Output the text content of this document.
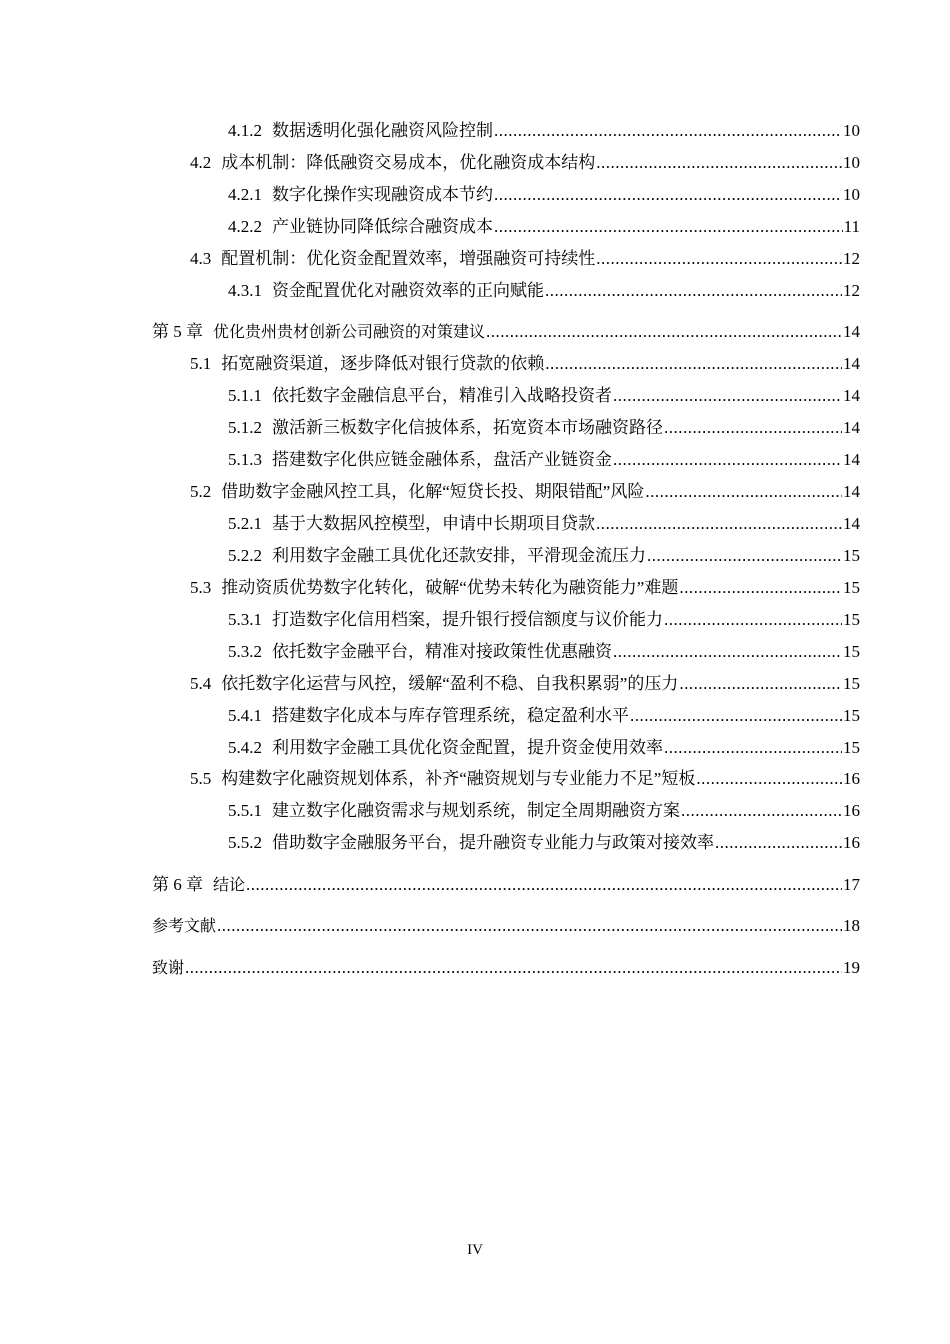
4.1.2 数据透明化强化融资风险控制 .....	10
4.2 成本机制：降低融资交易成本，优化融资成本结构 .....	10
4.2.1 数字化操作实现融资成本节约 .....	10
4.2.2 产业链协同降低综合融资成本 .....	11
4.3 配置机制：优化资金配置效率，增强融资可持续性 .....	12
4.3.1 资金配置优化对融资效率的正向赋能 .....	12
第 5 章 优化贵州贵材创新公司融资的对策建议 .....	14
5.1 拓宽融资渠道，逐步降低对银行贷款的依赖 .....	14
5.1.1 依托数字金融信息平台，精准引入战略投资者 .....	14
5.1.2 激活新三板数字化信披体系，拓宽资本市场融资路径 .....	14
5.1.3 搭建数字化供应链金融体系，盘活产业链资金 .....	14
5.2 借助数字金融风控工具，化解“短贷长投、期限错配”风险 .....	14
5.2.1 基于大数据风控模型，申请中长期项目贷款 .....	14
5.2.2 利用数字金融工具优化还款安排，平滑现金流压力 .....	15
5.3 推动资质优势数字化转化，破解“优势未转化为融资能力”难题 .....	15
5.3.1 打造数字化信用档案，提升银行授信额度与议价能力 .....	15
5.3.2 依托数字金融平台，精准对接政策性优惠融资 .....	15
5.4 依托数字化运营与风控，缓解“盈利不稳、自我积累弱”的压力 .....	15
5.4.1 搭建数字化成本与库存管理系统，稳定盈利水平 .....	15
5.4.2 利用数字金融工具优化资金配置，提升资金使用效率 .....	15
5.5 构建数字化融资规划体系，补齐“融资规划与专业能力不足”短板 .....	16
5.5.1 建立数字化融资需求与规划系统，制定全周期融资方案 .....	16
5.5.2 借助数字金融服务平台，提升融资专业能力与政策对接效率 .....	16
第 6 章 结论 .....	17
参考文献 .....	18
致谢 .....	19
IV
